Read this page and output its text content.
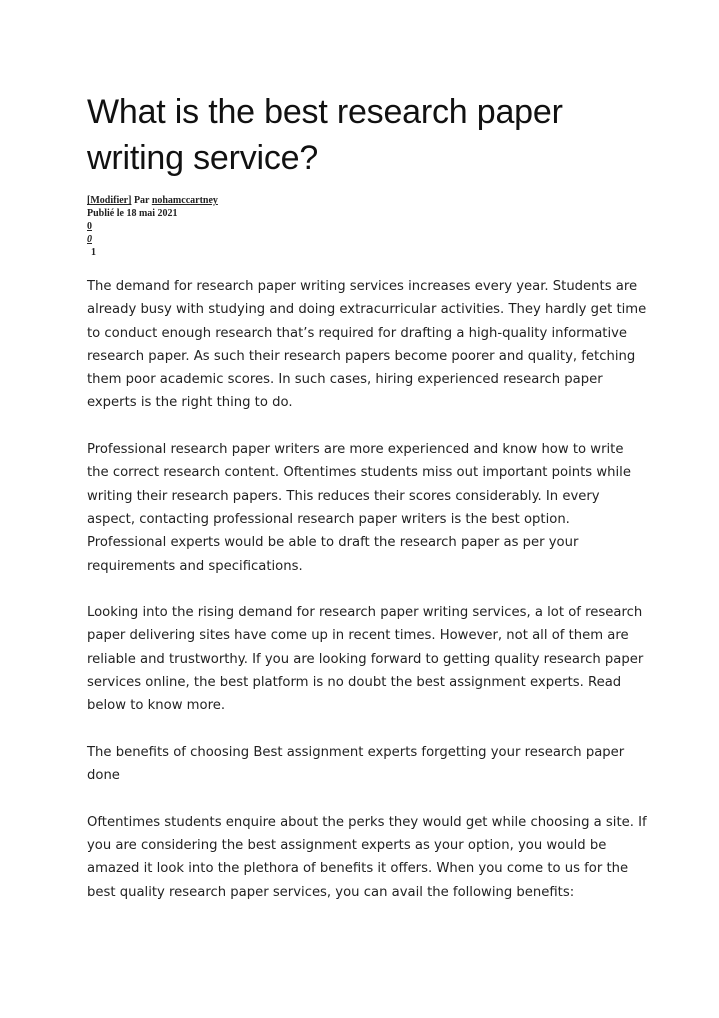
What is the best research paper writing service?
[Modifier] Par nohamccartney
Publié le 18 mai 2021
0
0
1

The demand for research paper writing services increases every year. Students are already busy with studying and doing extracurricular activities. They hardly get time to conduct enough research that’s required for drafting a high-quality informative research paper. As such their research papers become poorer and quality, fetching them poor academic scores. In such cases, hiring experienced research paper experts is the right thing to do.

Professional research paper writers are more experienced and know how to write the correct research content. Oftentimes students miss out important points while writing their research papers. This reduces their scores considerably. In every aspect, contacting professional research paper writers is the best option. Professional experts would be able to draft the research paper as per your requirements and specifications.

Looking into the rising demand for research paper writing services, a lot of research paper delivering sites have come up in recent times. However, not all of them are reliable and trustworthy. If you are looking forward to getting quality research paper services online, the best platform is no doubt the best assignment experts. Read below to know more.

The benefits of choosing Best assignment experts forgetting your research paper done

Oftentimes students enquire about the perks they would get while choosing a site. If you are considering the best assignment experts as your option, you would be amazed it look into the plethora of benefits it offers. When you come to us for the best quality research paper services, you can avail the following benefits:
